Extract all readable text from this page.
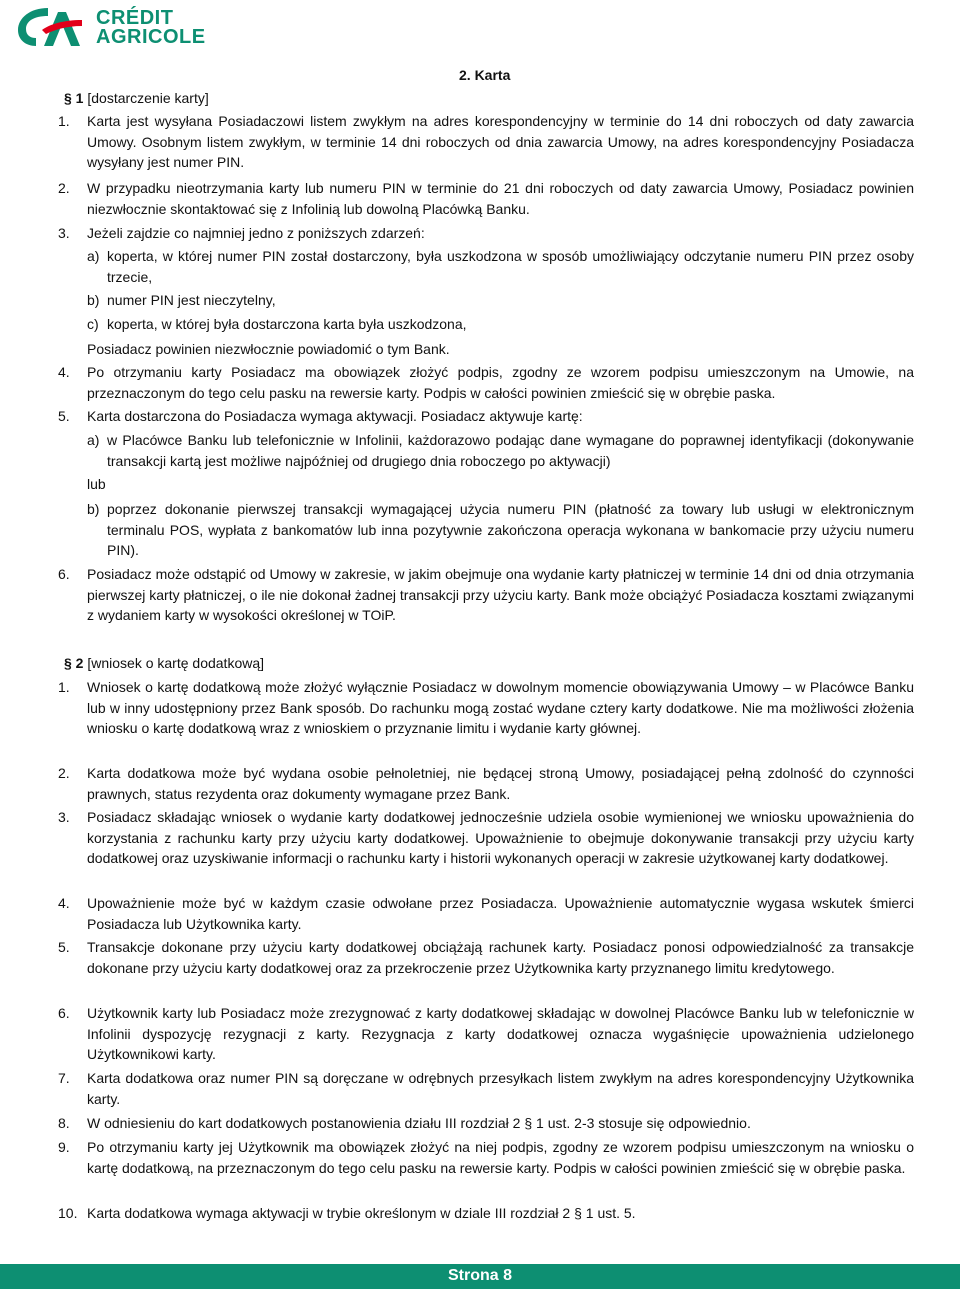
CRÉDIT
AGRICOLE
2. Karta
§ 1 [dostarczenie karty]
1.	Karta jest wysyłana Posiadaczowi listem zwykłym na adres korespondencyjny w terminie do 14 dni roboczych od daty zawarcia Umowy. Osobnym listem zwykłym, w terminie 14 dni roboczych od dnia zawarcia Umowy, na adres korespondencyjny Posiadacza wysyłany jest numer PIN.
2.	W przypadku nieotrzymania karty lub numeru PIN w terminie do 21 dni roboczych od daty zawarcia Umowy, Posiadacz powinien niezwłocznie skontaktować się z Infolinią lub dowolną Placówką Banku.
3.	Jeżeli zajdzie co najmniej jedno z poniższych zdarzeń:
a) koperta, w której numer PIN został dostarczony, była uszkodzona w sposób umożliwiający odczytanie numeru PIN przez osoby trzecie,
b) numer PIN jest nieczytelny,
c) koperta, w której była dostarczona karta była uszkodzona,
Posiadacz powinien niezwłocznie powiadomić o tym Bank.
4.	Po otrzymaniu karty Posiadacz ma obowiązek złożyć podpis, zgodny ze wzorem podpisu umieszczonym na Umowie, na przeznaczonym do tego celu pasku na rewersie karty. Podpis w całości powinien zmieścić się w obrębie paska.
5.	Karta dostarczona do Posiadacza wymaga aktywacji. Posiadacz aktywuje kartę:
a) w Placówce Banku lub telefonicznie w Infolinii, każdorazowo podając dane wymagane do poprawnej identyfikacji (dokonywanie transakcji kartą jest możliwe najpóźniej od drugiego dnia roboczego po aktywacji)
lub
b) poprzez dokonanie pierwszej transakcji wymagającej użycia numeru PIN (płatność za towary lub usługi w elektronicznym terminalu POS, wypłata z bankomatów lub inna pozytywnie zakończona operacja wykonana w bankomacie przy użyciu numeru PIN).
6.	Posiadacz może odstąpić od Umowy w zakresie, w jakim obejmuje ona wydanie karty płatniczej w terminie 14 dni od dnia otrzymania pierwszej karty płatniczej, o ile nie dokonał żadnej transakcji przy użyciu karty. Bank może obciążyć Posiadacza kosztami związanymi z wydaniem karty w wysokości określonej w TOiP.
§ 2 [wniosek o kartę dodatkową]
1.	Wniosek o kartę dodatkową może złożyć wyłącznie Posiadacz w dowolnym momencie obowiązywania Umowy – w Placówce Banku lub w inny udostępniony przez Bank sposób. Do rachunku mogą zostać wydane cztery karty dodatkowe. Nie ma możliwości złożenia wniosku o kartę dodatkową wraz z wnioskiem o przyznanie limitu i wydanie karty głównej.
2.	Karta dodatkowa może być wydana osobie pełnoletniej, nie będącej stroną Umowy, posiadającej pełną zdolność do czynności prawnych, status rezydenta oraz dokumenty wymagane przez Bank.
3.	Posiadacz składając wniosek o wydanie karty dodatkowej jednocześnie udziela osobie wymienionej we wniosku upoważnienia do korzystania z rachunku karty przy użyciu karty dodatkowej. Upoważnienie to obejmuje dokonywanie transakcji przy użyciu karty dodatkowej oraz uzyskiwanie informacji o rachunku karty i historii wykonanych operacji w zakresie użytkowanej karty dodatkowej.
4.	Upoważnienie może być w każdym czasie odwołane przez Posiadacza. Upoważnienie automatycznie wygasa wskutek śmierci Posiadacza lub Użytkownika karty.
5.	Transakcje dokonane przy użyciu karty dodatkowej obciążają rachunek karty. Posiadacz ponosi odpowiedzialność za transakcje dokonane przy użyciu karty dodatkowej oraz za przekroczenie przez Użytkownika karty przyznanego limitu kredytowego.
6.	Użytkownik karty lub Posiadacz może zrezygnować z karty dodatkowej składając w dowolnej Placówce Banku lub w telefonicznie w Infolinii dyspozycję rezygnacji z karty. Rezygnacja z karty dodatkowej oznacza wygaśnięcie upoważnienia udzielonego Użytkownikowi karty.
7.	Karta dodatkowa oraz numer PIN są doręczane w odrębnych przesyłkach listem zwykłym na adres korespondencyjny Użytkownika karty.
8.	W odniesieniu do kart dodatkowych postanowienia działu III rozdział 2 § 1 ust. 2-3 stosuje się odpowiednio.
9.	Po otrzymaniu karty jej Użytkownik ma obowiązek złożyć na niej podpis, zgodny ze wzorem podpisu umieszczonym na wniosku o kartę dodatkową, na przeznaczonym do tego celu pasku na rewersie karty. Podpis w całości powinien zmieścić się w obrębie paska.
10. Karta dodatkowa wymaga aktywacji w trybie określonym w dziale III rozdział 2 § 1 ust. 5.
Strona 8
